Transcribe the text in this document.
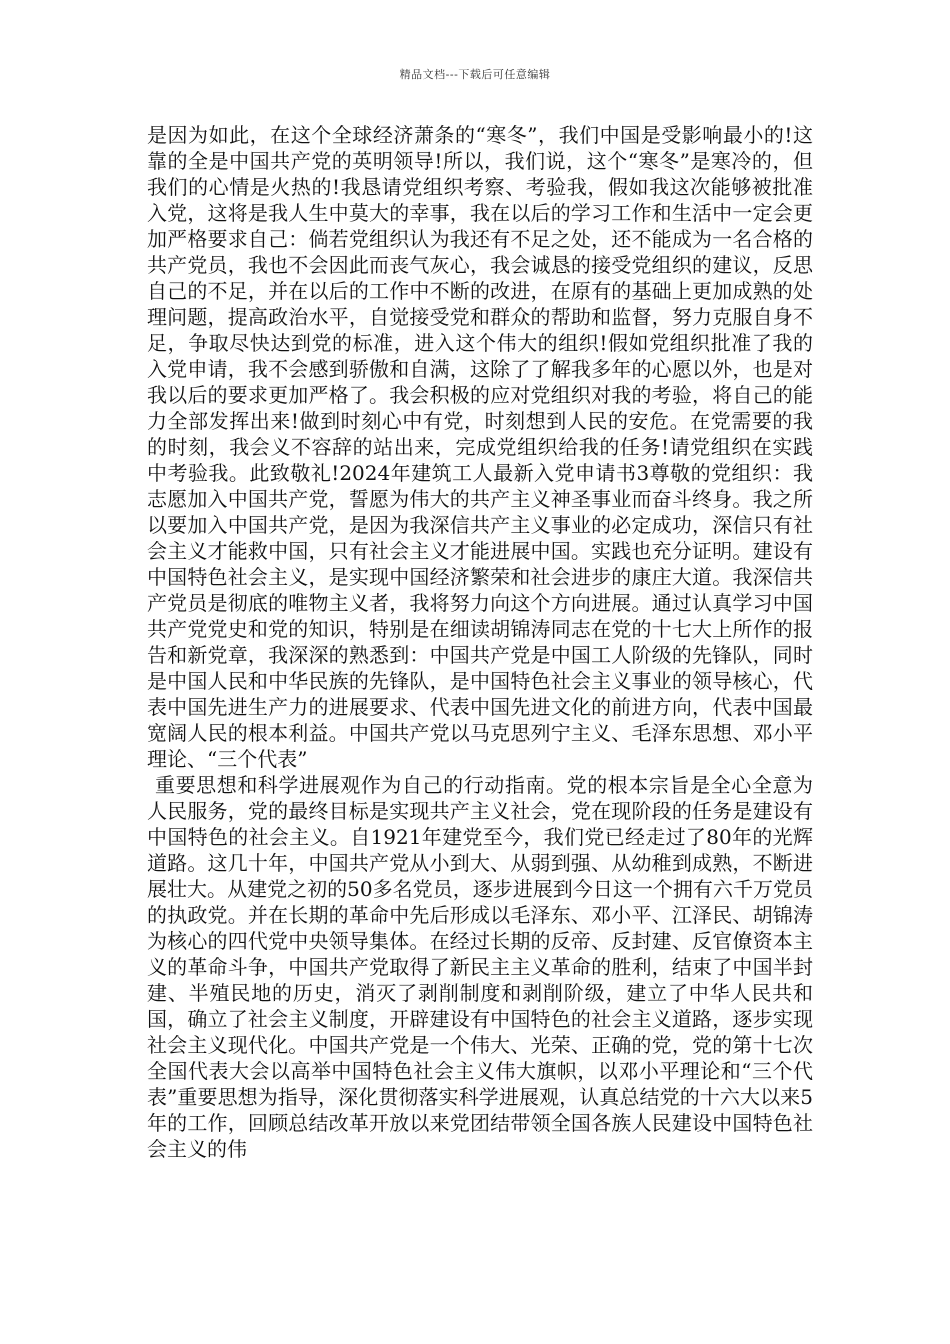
精品文档---下载后可任意编辑

是因为如此，在这个全球经济萧条的“寒冬”，我们中国是受影响最小的!这靠的全是中国共产党的英明领导!所以，我们说，这个“寒冬”是寒冷的，但我们的心情是火热的!我恳请党组织考察、考验我，假如我这次能够被批准入党，这将是我人生中莫大的幸事，我在以后的学习工作和生活中一定会更加严格要求自己：倘若党组织认为我还有不足之处，还不能成为一名合格的共产党员，我也不会因此而丧气灰心，我会诚恳的接受党组织的建议，反思自己的不足，并在以后的工作中不断的改进，在原有的基础上更加成熟的处理问题，提高政治水平，自觉接受党和群众的帮助和监督，努力克服自身不足，争取尽快达到党的标准，进入这个伟大的组织!假如党组织批准了我的入党申请，我不会感到骄傲和自满，这除了了解我多年的心愿以外，也是对我以后的要求更加严格了。我会积极的应对党组织对我的考验，将自己的能力全部发挥出来!做到时刻心中有党，时刻想到人民的安危。在党需要的我的时刻，我会义不容辞的站出来，完成党组织给我的任务!请党组织在实践中考验我。此致敬礼!2024年建筑工人最新入党申请书3尊敬的党组织：我志愿加入中国共产党，誓愿为伟大的共产主义神圣事业而奋斗终身。我之所以要加入中国共产党，是因为我深信共产主义事业的必定成功，深信只有社会主义才能救中国，只有社会主义才能进展中国。实践也充分证明。建设有中国特色社会主义，是实现中国经济繁荣和社会进步的康庄大道。我深信共产党员是彻底的唯物主义者，我将努力向这个方向进展。通过认真学习中国共产党党史和党的知识，特别是在细读胡锦涛同志在党的十七大上所作的报告和新党章，我深深的熟悉到：中国共产党是中国工人阶级的先锋队，同时是中国人民和中华民族的先锋队，是中国特色社会主义事业的领导核心，代表中国先进生产力的进展要求、代表中国先进文化的前进方向，代表中国最宽阔人民的根本利益。中国共产党以马克思列宁主义、毛泽东思想、邓小平理论、“三个代表”

重要思想和科学进展观作为自己的行动指南。党的根本宗旨是全心全意为人民服务，党的最终目标是实现共产主义社会，党在现阶段的任务是建设有中国特色的社会主义。自1921年建党至今，我们党已经走过了80年的光辉道路。这几十年，中国共产党从小到大、从弱到强、从幼稚到成熟，不断进展壮大。从建党之初的50多名党员，逐步进展到今日这一个拥有六千万党员的执政党。并在长期的革命中先后形成以毛泽东、邓小平、江泽民、胡锦涛为核心的四代党中央领导集体。在经过长期的反帝、反封建、反官僚资本主义的革命斗争，中国共产党取得了新民主主义革命的胜利，结束了中国半封建、半殖民地的历史，消灭了剥削制度和剥削阶级，建立了中华人民共和国，确立了社会主义制度，开辟建设有中国特色的社会主义道路，逐步实现社会主义现代化。中国共产党是一个伟大、光荣、正确的党，党的第十七次全国代表大会以高举中国特色社会主义伟大旗帜，以邓小平理论和“三个代表”重要思想为指导，深化贯彻落实科学进展观，认真总结党的十六大以来5年的工作，回顾总结改革开放以来党团结带领全国各族人民建设中国特色社会主义的伟
